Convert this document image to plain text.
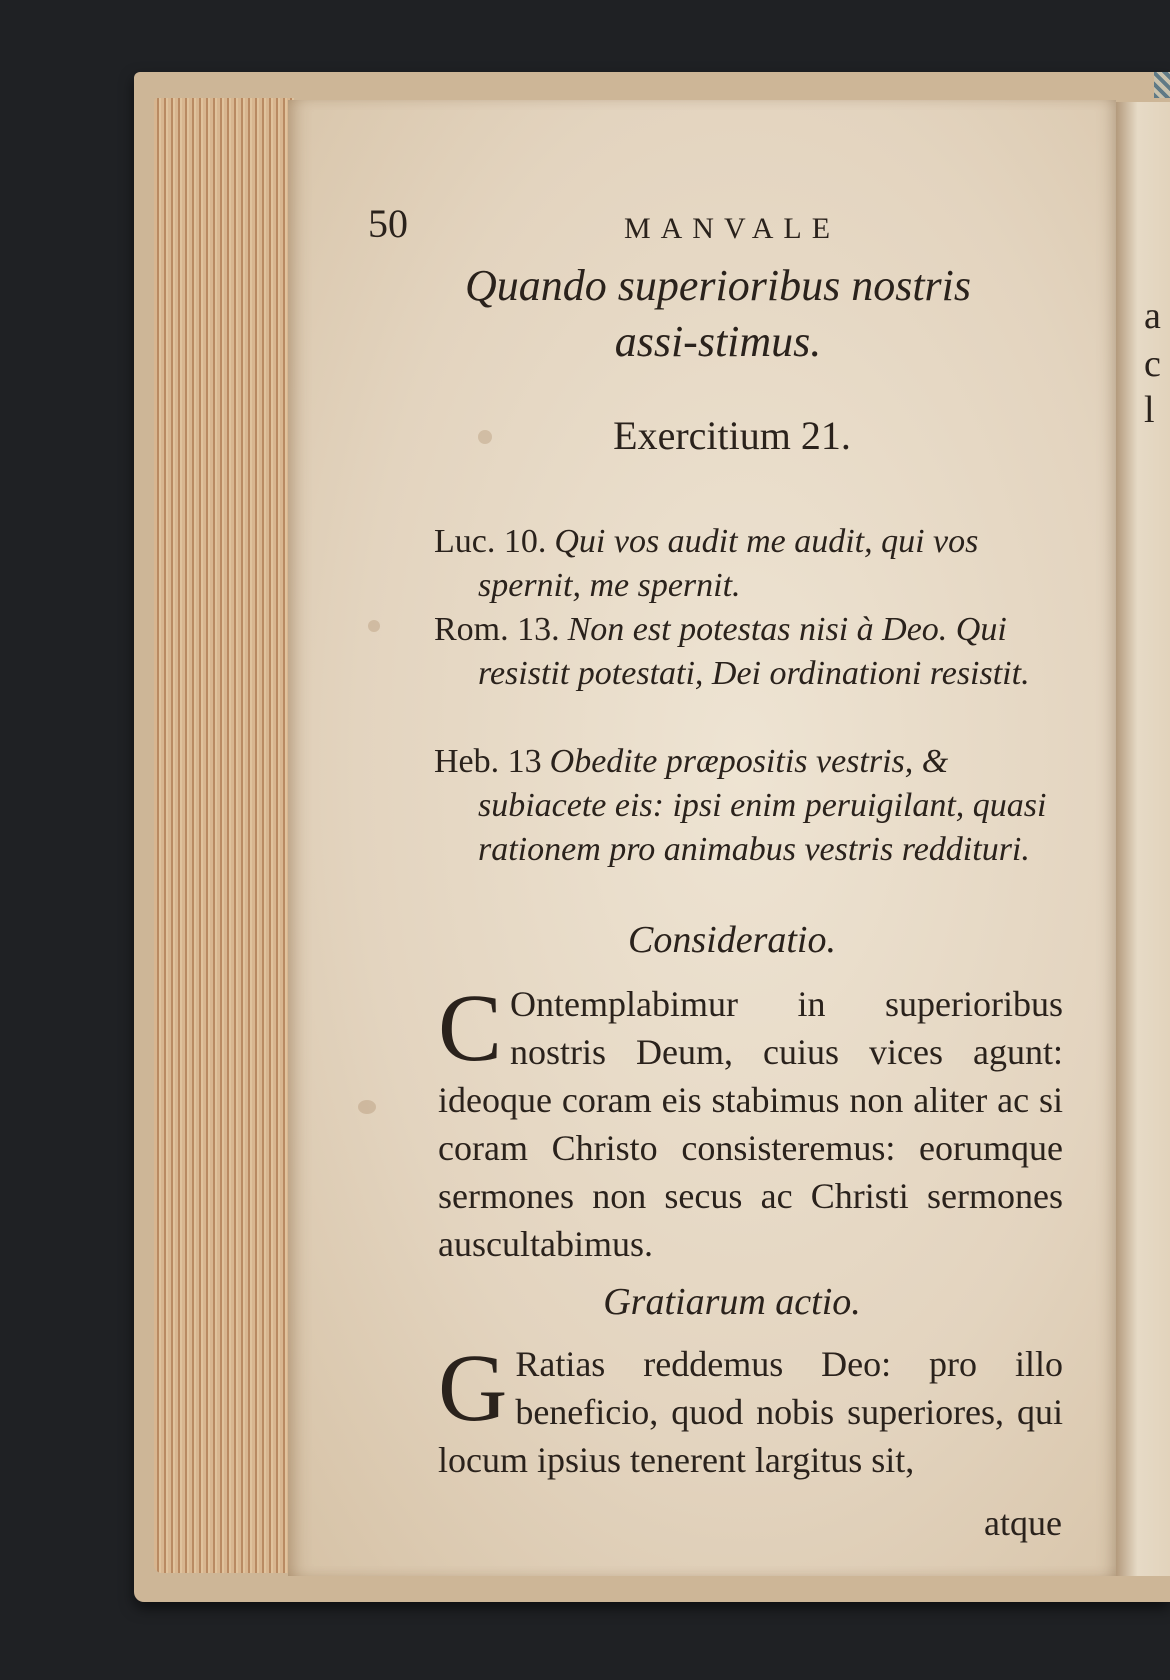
50	MANVALE
Quando superioribus nostris assi-stimus.
Exercitium 21.
Luc. 10. Qui vos audit me audit, qui vos spernit, me spernit.
Rom. 13. Non est potestas nisi à Deo. Qui resistit potestati, Dei ordinationi resistit.
Heb. 13 Obedite præpositis vestris, & subiacete eis: ipsi enim peruigilant, quasi rationem pro animabus vestris reddituri.
Consideratio.
C Ontemplabimur in superioribus nostris Deum, cuius vices agunt: ideoque coram eis stabimus non aliter ac si coram Christo consisteremus: eorumque sermones non secus ac Christi sermones auscultabimus.
Gratiarum actio.
G Ratias reddemus Deo: pro illo beneficio, quod nobis superiores, qui locum ipsius tenerent largitus sit,
atque
a
c
l
